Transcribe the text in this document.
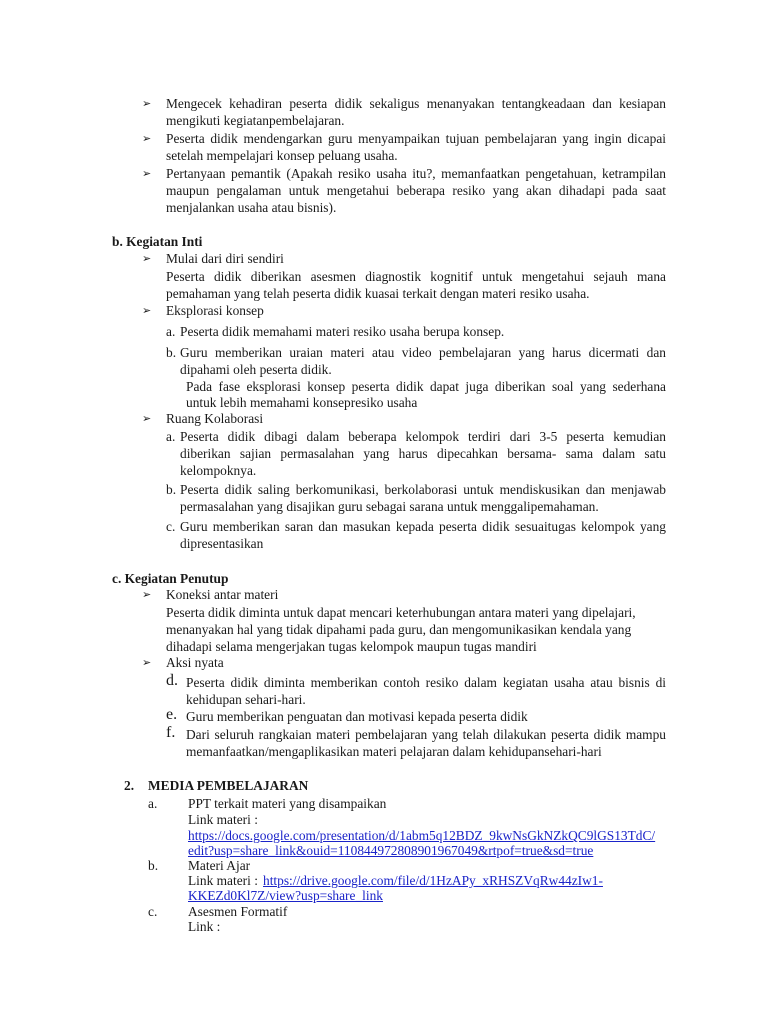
➢ Mengecek kehadiran peserta didik sekaligus menanyakan tentangkeadaan dan kesiapan
mengikuti kegiatanpembelajaran.
➢ Peserta didik mendengarkan guru menyampaikan tujuan pembelajaran yang ingin dicapai
setelah mempelajari konsep peluang usaha.
➢ Pertanyaan pemantik (Apakah resiko usaha itu?, memanfaatkan pengetahuan, ketrampilan
maupun pengalaman untuk mengetahui beberapa resiko yang akan dihadapi pada saat
menjalankan usaha atau bisnis).
b. Kegiatan Inti
➢ Mulai dari diri sendiri
Peserta didik diberikan asesmen diagnostik kognitif untuk mengetahui sejauh mana
pemahaman yang telah peserta didik kuasai terkait dengan materi resiko usaha.
➢ Eksplorasi konsep
a. Peserta didik memahami materi resiko usaha berupa konsep.
b. Guru memberikan uraian materi atau video pembelajaran yang harus dicermati dan
dipahami oleh peserta didik.
Pada fase eksplorasi konsep peserta didik dapat juga diberikan soal yang sederhana
untuk lebih memahami konsepresiko usaha
➢ Ruang Kolaborasi
a. Peserta didik dibagi dalam beberapa kelompok terdiri dari 3-5 peserta kemudian
diberikan sajian permasalahan yang harus dipecahkan bersama- sama dalam satu
kelompoknya.
b. Peserta didik saling berkomunikasi, berkolaborasi untuk mendiskusikan dan menjawab
permasalahan yang disajikan guru sebagai sarana untuk menggalipemahaman.
c. Guru memberikan saran dan masukan kepada peserta didik sesuaitugas kelompok yang
dipresentasikan
c. Kegiatan Penutup
➢ Koneksi antar materi
Peserta didik diminta untuk dapat mencari keterhubungan antara materi yang dipelajari,
menanyakan hal yang tidak dipahami pada guru, dan mengomunikasikan kendala yang
dihadapi selama mengerjakan tugas kelompok maupun tugas mandiri
➢ Aksi nyata
d. Peserta didik diminta memberikan contoh resiko dalam kegiatan usaha atau bisnis di
kehidupan sehari-hari.
e. Guru memberikan penguatan dan motivasi kepada peserta didik
f. Dari seluruh rangkaian materi pembelajaran yang telah dilakukan peserta didik mampu
memanfaatkan/mengaplikasikan materi pelajaran dalam kehidupansehari-hari
2. MEDIA PEMBELAJARAN
a. PPT terkait materi yang disampaikan
Link materi :
https://docs.google.com/presentation/d/1abm5q12BDZ_9kwNsGkNZkQC9lGS13TdC/
edit?usp=share_link&ouid=110844972808901967049&rtpof=true&sd=true
b. Materi Ajar
Link materi : https://drive.google.com/file/d/1HzAPy_xRHSZVqRw44zIw1-
KKEZd0Kl7Z/view?usp=share_link
c. Asesmen Formatif
Link :
